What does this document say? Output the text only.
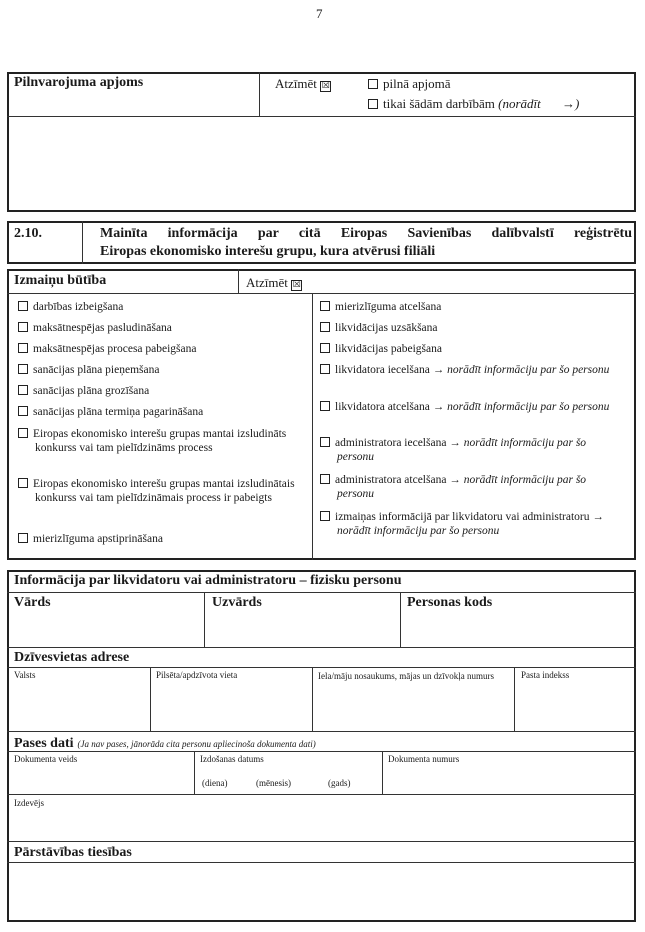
7
Pilnvarojuma apjoms	Atzīmēt ☒	pilnā apjomā
tikai šādām darbībām (norādīt →)
2.10.	Mainīta informācija par citā Eiropas Savienības dalībvalstī reģistrētu
Eiropas ekonomisko interešu grupu, kura atvērusi filiāli
Izmaiņu būtība	Atzīmēt ☒
darbības izbeigšana
maksātnespējas pasludināšana
maksātnespējas procesa pabeigšana
sanācijas plāna pieņemšana
sanācijas plāna grozīšana
sanācijas plāna termiņa pagarināšana
Eiropas ekonomisko interešu grupas mantai izsludināts konkurss vai tam pielīdzināms process
Eiropas ekonomisko interešu grupas mantai izsludinātais konkurss vai tam pielīdzināmais process ir pabeigts
mierizlīguma apstiprināšana
mierizlīguma atcelšana
likvidācijas uzsākšana
likvidācijas pabeigšana
likvidatora iecelšana → norādīt informāciju par šo personu
likvidatora atcelšana → norādīt informāciju par šo personu
administratora iecelšana → norādīt informāciju par šo personu
administratora atcelšana → norādīt informāciju par šo personu
izmaiņas informācijā par likvidatoru vai administratoru → norādīt informāciju par šo personu
Informācija par likvidatoru vai administratoru – fizisku personu
Vārds	Uzvārds	Personas kods
Dzīvesvietas adrese
Valsts	Pilsēta/apdzīvota vieta	Iela/māju nosaukums, mājas un dzīvokļa numurs	Pasta indekss
Pases dati (Ja nav pases, jānorāda cita personu apliecinoša dokumenta dati)
Dokumenta veids	Izdošanas datums
(diena)	(mēnesis)	(gads)
Dokumenta numurs
Izdevējs
Pārstāvības tiesības
